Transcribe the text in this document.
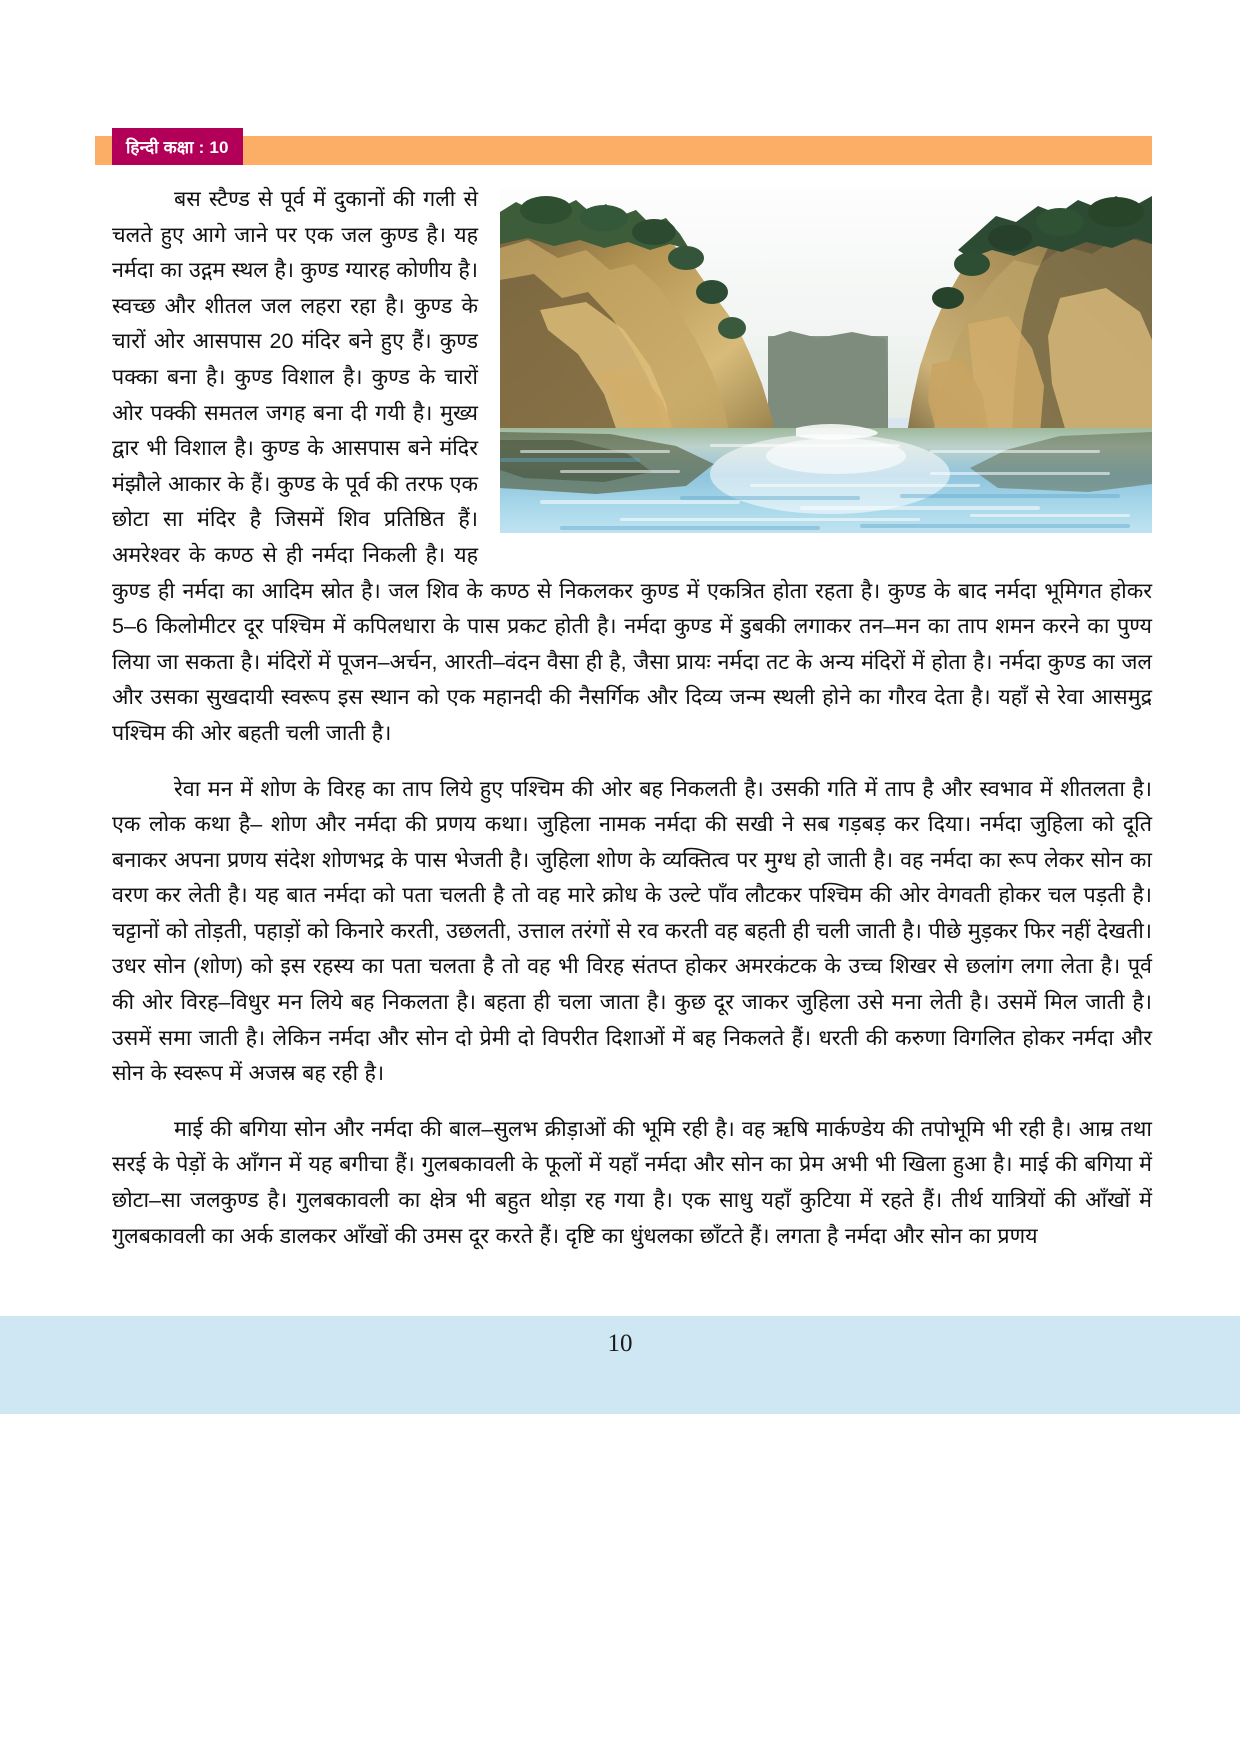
हिन्दी कक्षा : 10

बस स्टैण्ड से पूर्व में दुकानों की गली से चलते हुए आगे जाने पर एक जल कुण्ड है। यह नर्मदा का उद्गम स्थल है। कुण्ड ग्यारह कोणीय है। स्वच्छ और शीतल जल लहरा रहा है। कुण्ड के चारों ओर आसपास 20 मंदिर बने हुए हैं। कुण्ड पक्का बना है। कुण्ड विशाल है। कुण्ड के चारों ओर पक्की समतल जगह बना दी गयी है। मुख्य द्वार भी विशाल है। कुण्ड के आसपास बने मंदिर मंझौले आकार के हैं। कुण्ड के पूर्व की तरफ एक छोटा सा मंदिर है जिसमें शिव प्रतिष्ठित हैं। अमरेश्वर के कण्ठ से ही नर्मदा निकली है। यह कुण्ड ही नर्मदा का आदिम स्रोत है। जल शिव के कण्ठ से निकलकर कुण्ड में एकत्रित होता रहता है। कुण्ड के बाद नर्मदा भूमिगत होकर 5–6 किलोमीटर दूर पश्चिम में कपिलधारा के पास प्रकट होती है। नर्मदा कुण्ड में डुबकी लगाकर तन–मन का ताप शमन करने का पुण्य लिया जा सकता है। मंदिरों में पूजन–अर्चन, आरती–वंदन वैसा ही है, जैसा प्रायः नर्मदा तट के अन्य मंदिरों में होता है। नर्मदा कुण्ड का जल और उसका सुखदायी स्वरूप इस स्थान को एक महानदी की नैसर्गिक और दिव्य जन्म स्थली होने का गौरव देता है। यहाँ से रेवा आसमुद्र पश्चिम की ओर बहती चली जाती है।

रेवा मन में शोण के विरह का ताप लिये हुए पश्चिम की ओर बह निकलती है। उसकी गति में ताप है और स्वभाव में शीतलता है। एक लोक कथा है– शोण और नर्मदा की प्रणय कथा। जुहिला नामक नर्मदा की सखी ने सब गड़बड़ कर दिया। नर्मदा जुहिला को दूति बनाकर अपना प्रणय संदेश शोणभद्र के पास भेजती है। जुहिला शोण के व्यक्तित्व पर मुग्ध हो जाती है। वह नर्मदा का रूप लेकर सोन का वरण कर लेती है। यह बात नर्मदा को पता चलती है तो वह मारे क्रोध के उल्टे पाँव लौटकर पश्चिम की ओर वेगवती होकर चल पड़ती है। चट्टानों को तोड़ती, पहाड़ों को किनारे करती, उछलती, उत्ताल तरंगों से रव करती वह बहती ही चली जाती है। पीछे मुड़कर फिर नहीं देखती। उधर सोन (शोण) को इस रहस्य का पता चलता है तो वह भी विरह संतप्त होकर अमरकंटक के उच्च शिखर से छलांग लगा लेता है। पूर्व की ओर विरह–विधुर मन लिये बह निकलता है। बहता ही चला जाता है। कुछ दूर जाकर जुहिला उसे मना लेती है। उसमें मिल जाती है। उसमें समा जाती है। लेकिन नर्मदा और सोन दो प्रेमी दो विपरीत दिशाओं में बह निकलते हैं। धरती की करुणा विगलित होकर नर्मदा और सोन के स्वरूप में अजस्र बह रही है।

माई की बगिया सोन और नर्मदा की बाल–सुलभ क्रीड़ाओं की भूमि रही है। वह ऋषि मार्कण्डेय की तपोभूमि भी रही है। आम्र तथा सरई के पेड़ों के आँगन में यह बगीचा हैं। गुलबकावली के फूलों में यहाँ नर्मदा और सोन का प्रेम अभी भी खिला हुआ है। माई की बगिया में छोटा–सा जलकुण्ड है। गुलबकावली का क्षेत्र भी बहुत थोड़ा रह गया है। एक साधु यहाँ कुटिया में रहते हैं। तीर्थ यात्रियों की आँखों में गुलबकावली का अर्क डालकर आँखों की उमस दूर करते हैं। दृष्टि का धुंधलका छाँटते हैं। लगता है नर्मदा और सोन का प्रणय

10
